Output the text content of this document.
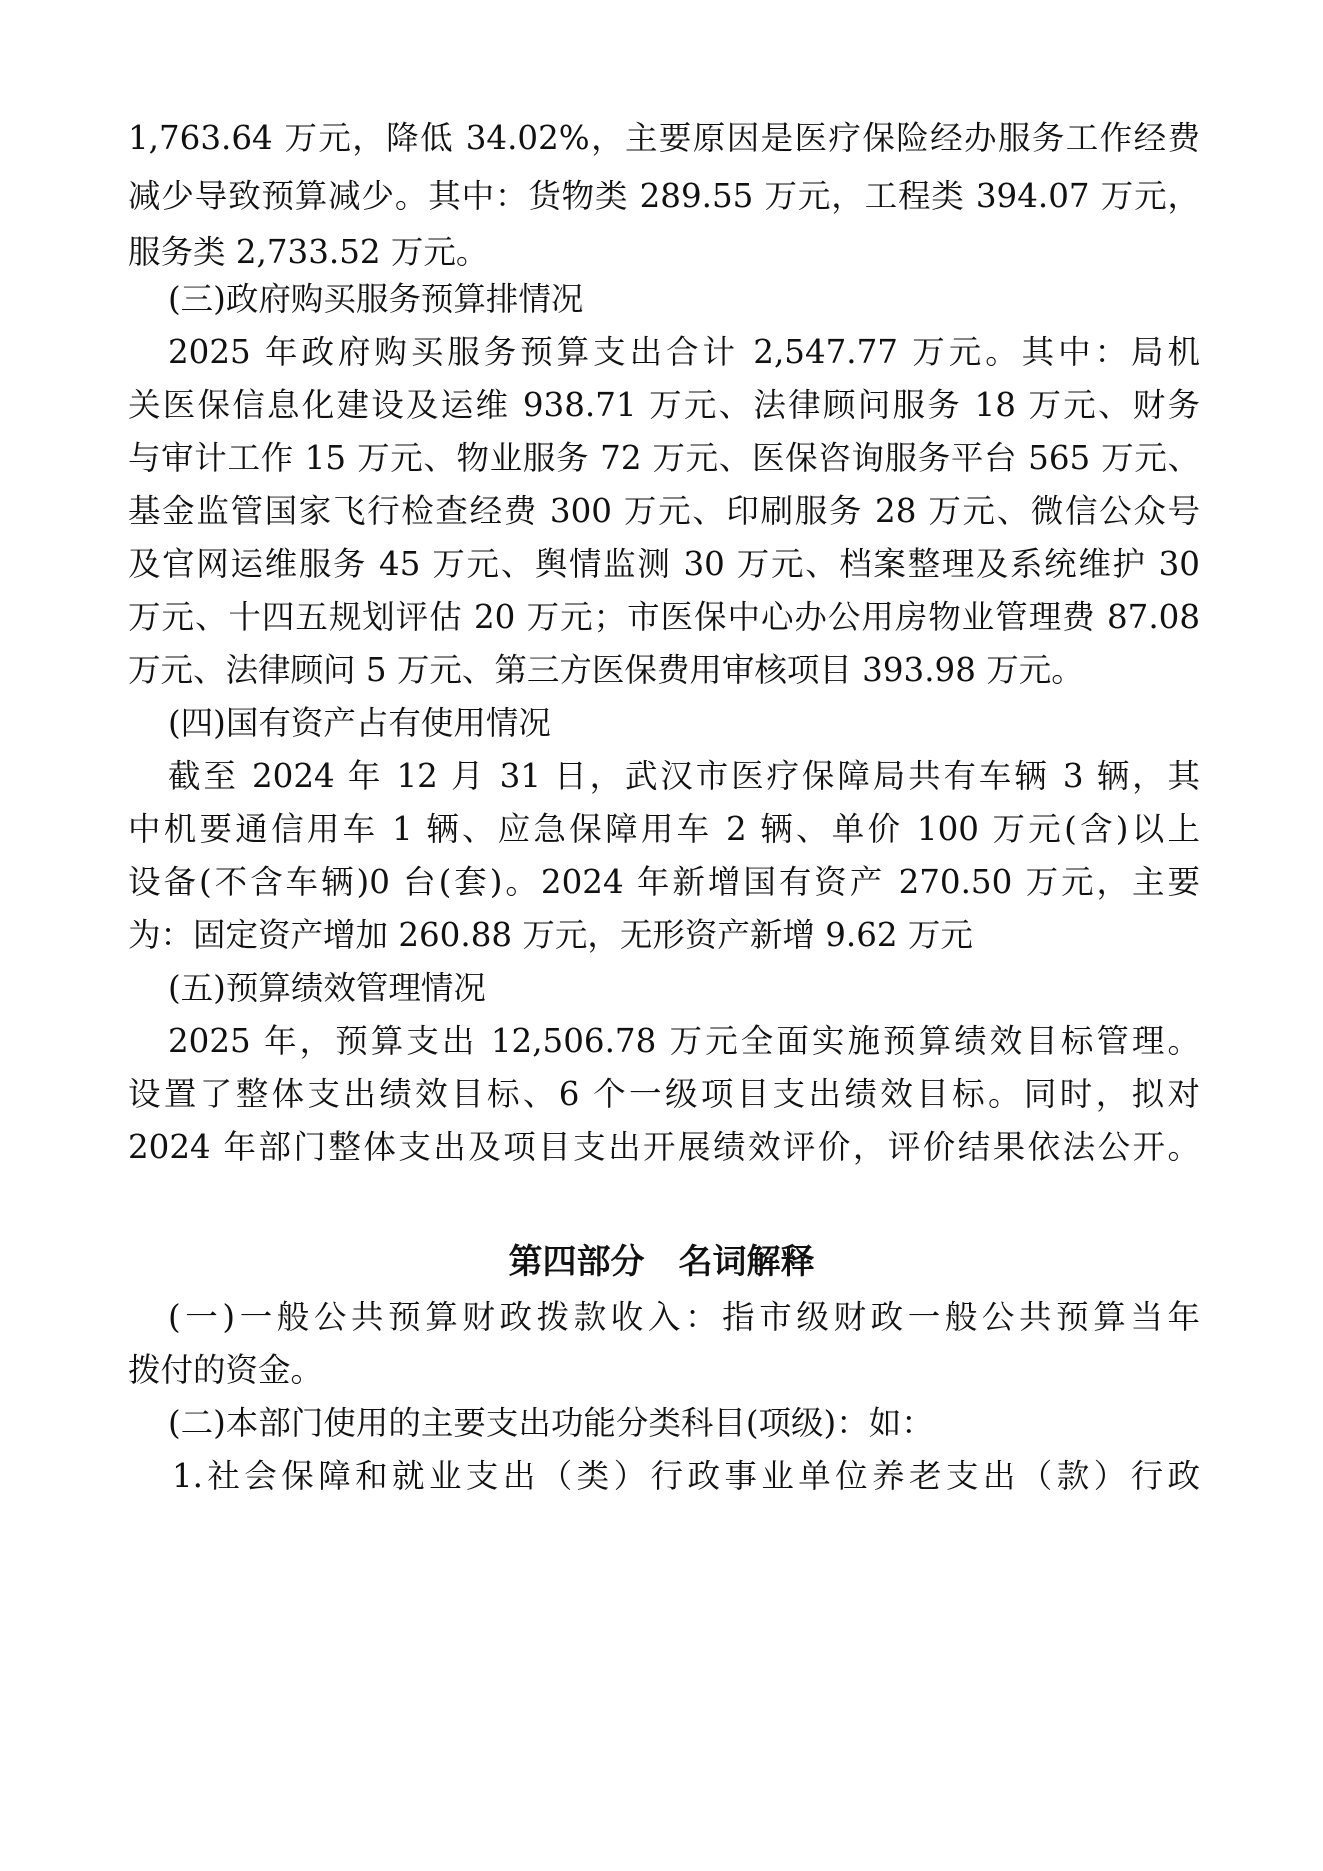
1,763.64 万元，降低 34.02%，主要原因是医疗保险经办服务工作经费
减少导致预算减少。其中：货物类 289.55 万元，工程类 394.07 万元，
服务类 2,733.52 万元。
(三)政府购买服务预算排情况
2025 年政府购买服务预算支出合计 2,547.77 万元。其中：局机
关医保信息化建设及运维 938.71 万元、法律顾问服务 18 万元、财务
与审计工作 15 万元、物业服务 72 万元、医保咨询服务平台 565 万元、
基金监管国家飞行检查经费 300 万元、印刷服务 28 万元、微信公众号
及官网运维服务 45 万元、舆情监测 30 万元、档案整理及系统维护 30
万元、十四五规划评估 20 万元；市医保中心办公用房物业管理费 87.08
万元、法律顾问 5 万元、第三方医保费用审核项目 393.98 万元。
(四)国有资产占有使用情况
截至 2024 年 12 月 31 日，武汉市医疗保障局共有车辆 3 辆，其
中机要通信用车 1 辆、应急保障用车 2 辆、单价 100 万元(含)以上
设备(不含车辆)0 台(套)。2024 年新增国有资产 270.50 万元，主要
为：固定资产增加 260.88 万元，无形资产新增 9.62 万元
(五)预算绩效管理情况
2025 年，预算支出 12,506.78 万元全面实施预算绩效目标管理。
设置了整体支出绩效目标、6 个一级项目支出绩效目标。同时，拟对
2024 年部门整体支出及项目支出开展绩效评价，评价结果依法公开。
第四部分　名词解释
(一)一般公共预算财政拨款收入：指市级财政一般公共预算当年
拨付的资金。
(二)本部门使用的主要支出功能分类科目(项级)：如：
1.社会保障和就业支出（类）行政事业单位养老支出（款）行政
